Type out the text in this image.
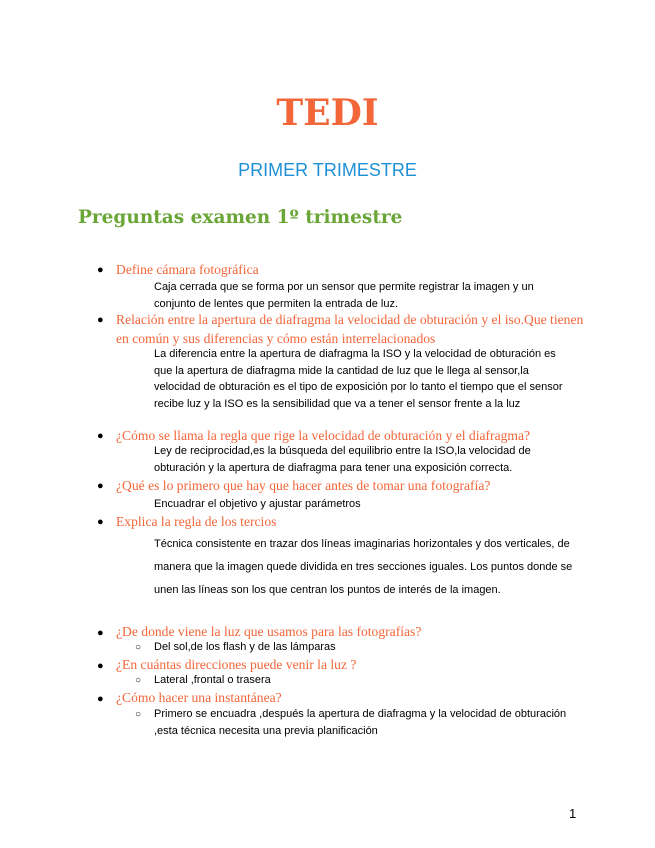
TEDI
PRIMER TRIMESTRE
Preguntas examen 1º trimestre
● Define cámara fotográfica
Caja cerrada que se forma por un sensor que permite registrar la imagen y un conjunto de lentes que permiten la entrada de luz.
● Relación entre la apertura de diafragma la velocidad de obturación y el iso.Que tienen en común y sus diferencias y cómo están interrelacionados
La diferencia entre la apertura de diafragma la ISO y la velocidad de obturación es que la apertura de diafragma mide la cantidad de luz que le llega al sensor,la velocidad de obturación es el tipo de exposición por lo tanto el tiempo que el sensor recibe luz y la ISO es la sensibilidad que va a tener el sensor frente a la luz
● ¿Cómo se llama la regla que rige la velocidad de obturación y el diafragma?
Ley de reciprocidad,es la búsqueda del equilibrio entre la ISO,la velocidad de obturación y la apertura de diafragma para tener una exposición correcta.
● ¿Qué es lo primero que hay que hacer antes de tomar una fotografía?
Encuadrar el objetivo y ajustar parámetros
● Explica la regla de los tercios
Técnica consistente en trazar dos líneas imaginarias horizontales y dos verticales, de manera que la imagen quede dividida en tres secciones iguales. Los puntos donde se unen las líneas son los que centran los puntos de interés de la imagen.
● ¿De donde viene la luz que usamos para las fotografías?
○ Del sol,de los flash y de las lámparas
● ¿En cuántas direcciones puede venir la luz ?
○ Lateral ,frontal o trasera
● ¿Cómo hacer una instantánea?
○ Primero se encuadra ,después la apertura de diafragma y la velocidad de obturación ,esta técnica necesita una previa planificación
1
